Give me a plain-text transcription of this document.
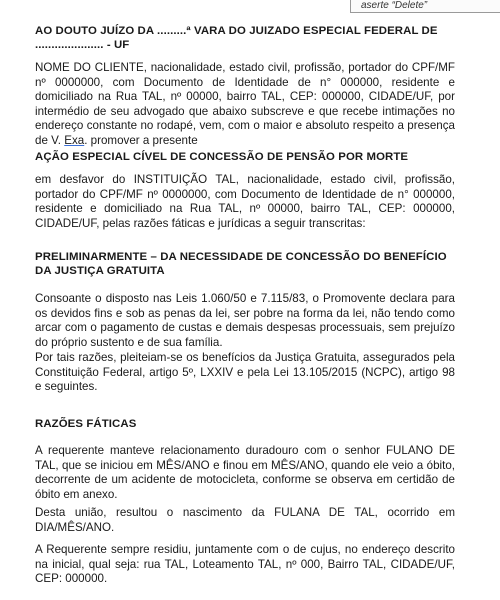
aserte “Delete”
AO DOUTO JUÍZO DA .........ª VARA DO JUIZADO ESPECIAL FEDERAL DE
..................... - UF
NOME DO CLIENTE, nacionalidade, estado civil, profissão, portador do CPF/MF nº 0000000, com Documento de Identidade de n° 000000, residente e domiciliado na Rua TAL, nº 00000, bairro TAL, CEP: 000000, CIDADE/UF, por intermédio de seu advogado que abaixo subscreve e que recebe intimações no endereço constante no rodapé, vem, com o maior e absoluto respeito a presença de V. Exa. promover a presente
AÇÃO ESPECIAL CÍVEL DE CONCESSÃO DE PENSÃO POR MORTE
em desfavor do INSTITUIÇÃO TAL, nacionalidade, estado civil, profissão, portador do CPF/MF nº 0000000, com Documento de Identidade de n° 000000, residente e domiciliado na Rua TAL, nº 00000, bairro TAL, CEP: 000000, CIDADE/UF, pelas razões fáticas e jurídicas a seguir transcritas:
PRELIMINARMENTE – DA NECESSIDADE DE CONCESSÃO DO BENEFÍCIO DA JUSTIÇA GRATUITA
Consoante o disposto nas Leis 1.060/50 e 7.115/83, o Promovente declara para os devidos fins e sob as penas da lei, ser pobre na forma da lei, não tendo como arcar com o pagamento de custas e demais despesas processuais, sem prejuízo do próprio sustento e de sua família.
Por tais razões, pleiteiam-se os benefícios da Justiça Gratuita, assegurados pela Constituição Federal, artigo 5º, LXXIV e pela Lei 13.105/2015 (NCPC), artigo 98 e seguintes.
RAZÕES FÁTICAS
A requerente manteve relacionamento duradouro com o senhor FULANO DE TAL, que se iniciou em MÊS/ANO e finou em MÊS/ANO, quando ele veio a óbito, decorrente de um acidente de motocicleta, conforme se observa em certidão de óbito em anexo.
Desta união, resultou o nascimento da FULANA DE TAL, ocorrido em DIA/MÊS/ANO.
A Requerente sempre residiu, juntamente com o de cujus, no endereço descrito na inicial, qual seja: rua TAL, Loteamento TAL, nº 000, Bairro TAL, CIDADE/UF, CEP: 000000.
